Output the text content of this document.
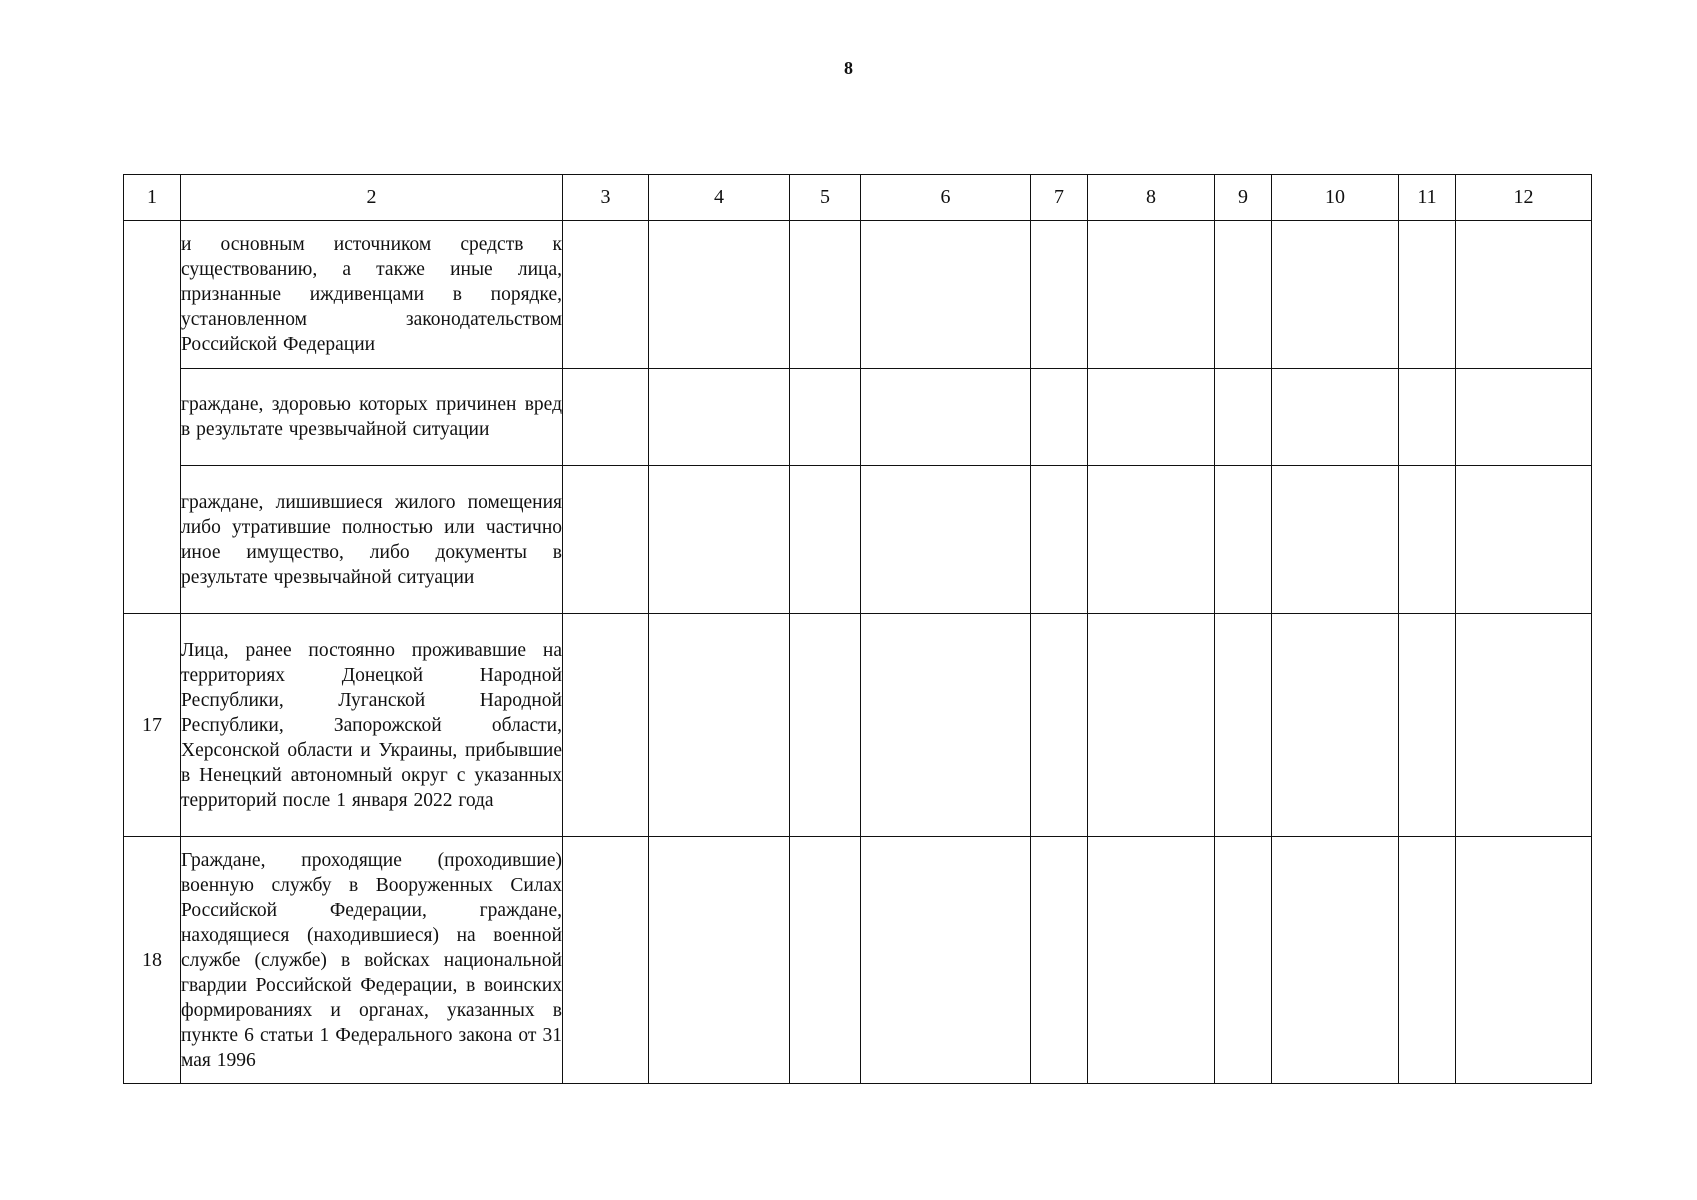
8
1	2	3	4	5	6	7	8	9	10	11	12
	и основным источником средств к существованию, а также иные лица, признанные иждивенцами в порядке, установленном законодательством Российской Федерации										
	граждане, здоровью которых причинен вред в результате чрезвычайной ситуации										
	граждане, лишившиеся жилого помещения либо утратившие полностью или частично иное имущество, либо документы в результате чрезвычайной ситуации										
17	Лица, ранее постоянно проживавшие на территориях Донецкой Народной Республики, Луганской Народной Республики, Запорожской области, Херсонской области и Украины, прибывшие в Ненецкий автономный округ с указанных территорий после 1 января 2022 года										
18	Граждане, проходящие (проходившие) военную службу в Вооруженных Силах Российской Федерации, граждане, находящиеся (находившиеся) на военной службе (службе) в войсках национальной гвардии Российской Федерации, в воинских формированиях и органах, указанных в пункте 6 статьи 1 Федерального закона от 31 мая 1996										
